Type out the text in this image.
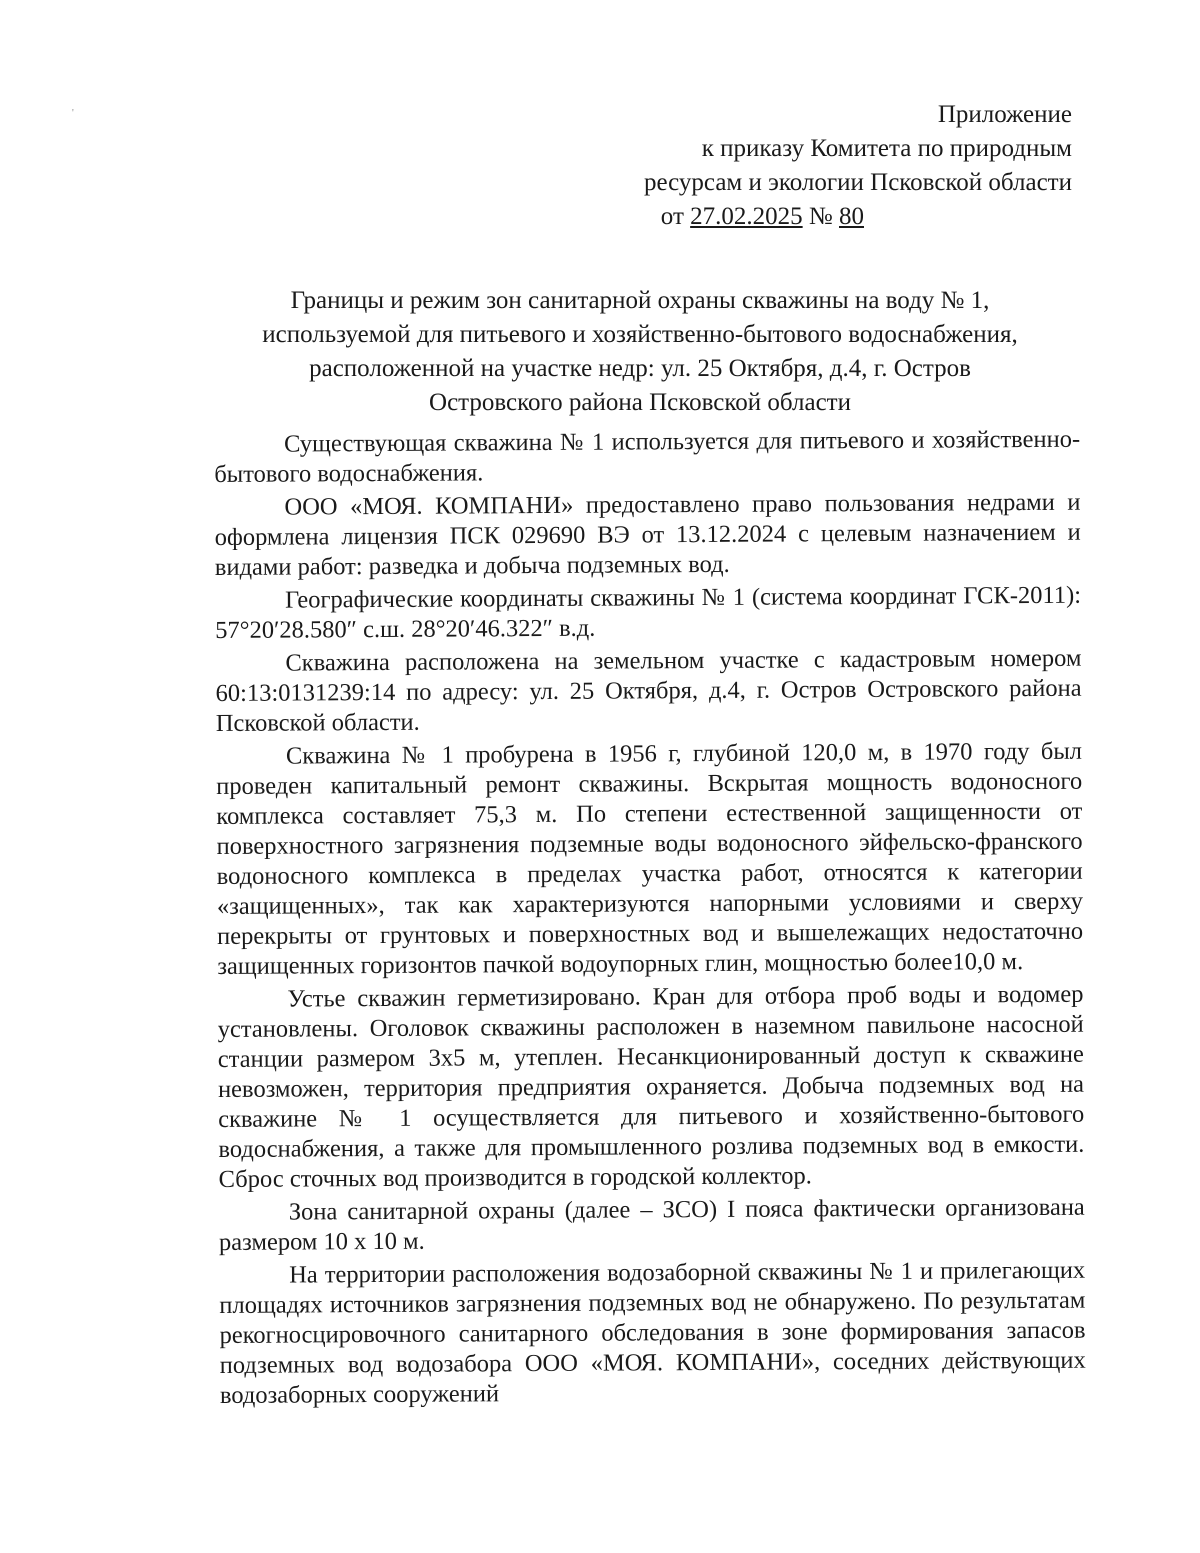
'	Приложение
к приказу Комитета по природным
ресурсам и экологии Псковской области
от 27.02.2025 № 80
Границы и режим зон санитарной охраны скважины на воду № 1,
используемой для питьевого и хозяйственно-бытового водоснабжения,
расположенной на участке недр: ул. 25 Октября, д.4, г. Остров
Островского района Псковской области

Существующая скважина № 1 используется для питьевого и хозяйственно-бытового водоснабжения.

ООО «МОЯ. КОМПАНИ» предоставлено право пользования недрами и оформлена лицензия ПСК 029690 ВЭ от 13.12.2024 с целевым назначением и видами работ: разведка и добыча подземных вод.

Географические координаты скважины № 1 (система координат ГСК-2011): 57°20′28.580″ с.ш. 28°20′46.322″ в.д.

Скважина расположена на земельном участке с кадастровым номером 60:13:0131239:14 по адресу: ул. 25 Октября, д.4, г. Остров Островского района Псковской области.

Скважина № 1 пробурена в 1956 г, глубиной 120,0 м, в 1970 году был проведен капитальный ремонт скважины. Вскрытая мощность водоносного комплекса составляет 75,3 м. По степени естественной защищенности от поверхностного загрязнения подземные воды водоносного эйфельско-франского водоносного комплекса в пределах участка работ, относятся к категории «защищенных», так как характеризуются напорными условиями и сверху перекрыты от грунтовых и поверхностных вод и вышележащих недостаточно защищенных горизонтов пачкой водоупорных глин, мощностью более10,0 м.

Устье скважин герметизировано. Кран для отбора проб воды и водомер установлены. Оголовок скважины расположен в наземном павильоне насосной станции размером 3х5 м, утеплен. Несанкционированный доступ к скважине невозможен, территория предприятия охраняется. Добыча подземных вод на скважине № 1 осуществляется для питьевого и хозяйственно-бытового водоснабжения, а также для промышленного розлива подземных вод в емкости. Сброс сточных вод производится в городской коллектор.

Зона санитарной охраны (далее – ЗСО) I пояса фактически организована размером 10 х 10 м.

На территории расположения водозаборной скважины № 1 и прилегающих площадях источников загрязнения подземных вод не обнаружено. По результатам рекогносцировочного санитарного обследования в зоне формирования запасов подземных вод водозабора ООО «МОЯ. КОМПАНИ», соседних действующих водозаборных сооружений
